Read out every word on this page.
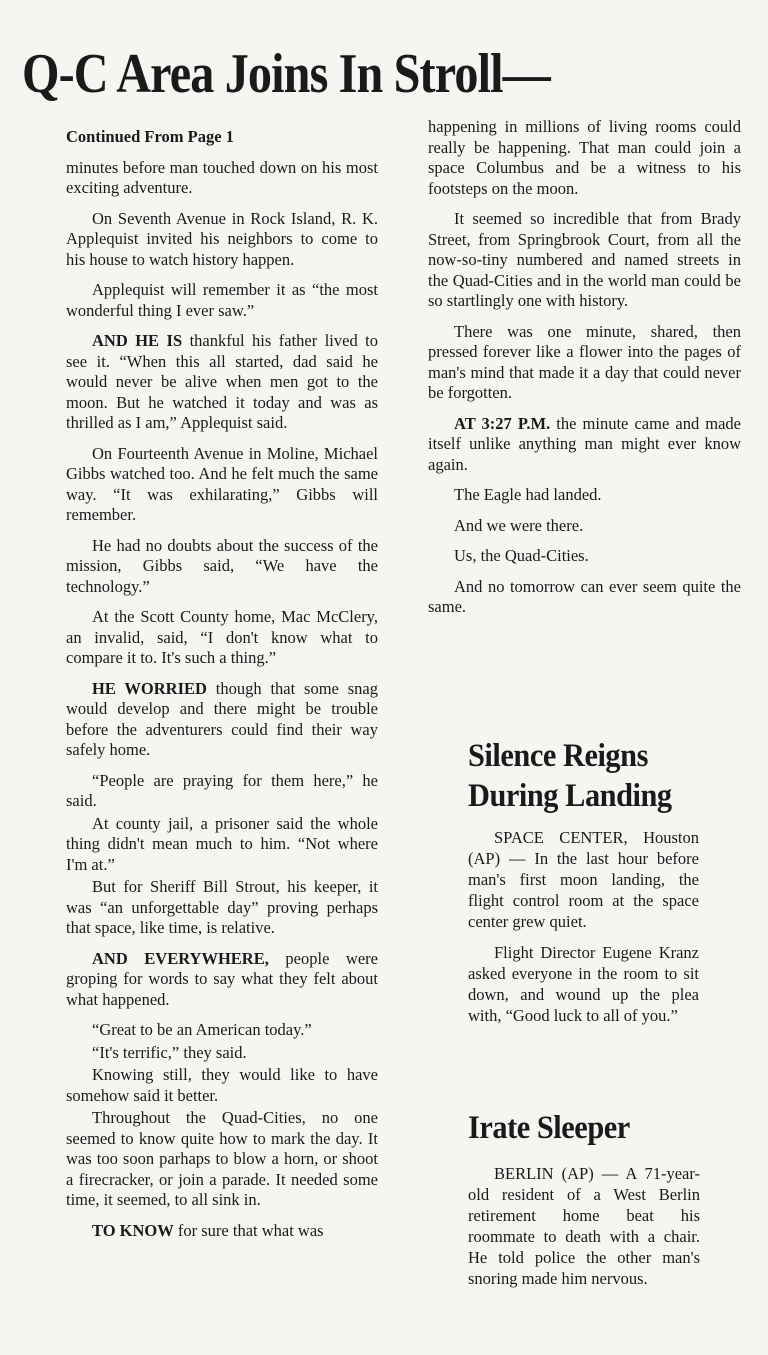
Q-C Area Joins In Stroll—

Continued From Page 1

minutes before man touched down on his most exciting adventure.

On Seventh Avenue in Rock Island, R. K. Applequist invited his neighbors to come to his house to watch history happen.

Applequist will remember it as “the most wonderful thing I ever saw.”

AND HE IS thankful his father lived to see it. “When this all started, dad said he would never be alive when men got to the moon. But he watched it today and was as thrilled as I am,” Applequist said.

On Fourteenth Avenue in Moline, Michael Gibbs watched too. And he felt much the same way. “It was exhilarating,” Gibbs will remember.

He had no doubts about the success of the mission, Gibbs said, “We have the technology.”

At the Scott County home, Mac McClery, an invalid, said, “I don't know what to compare it to. It's such a thing.”

HE WORRIED though that some snag would develop and there might be trouble before the adventurers could find their way safely home.

“People are praying for them here,” he said.

At county jail, a prisoner said the whole thing didn't mean much to him. “Not where I'm at.”

But for Sheriff Bill Strout, his keeper, it was “an unforgettable day” proving perhaps that space, like time, is relative.

AND EVERYWHERE, people were groping for words to say what they felt about what happened.

“Great to be an American today.”

“It's terrific,” they said.

Knowing still, they would like to have somehow said it better.

Throughout the Quad-Cities, no one seemed to know quite how to mark the day. It was too soon parhaps to blow a horn, or shoot a firecracker, or join a parade. It needed some time, it seemed, to all sink in.

TO KNOW for sure that what was

happening in millions of living rooms could really be happening. That man could join a space Columbus and be a witness to his footsteps on the moon.

It seemed so incredible that from Brady Street, from Springbrook Court, from all the now-so-tiny numbered and named streets in the Quad-Cities and in the world man could be so startlingly one with history.

There was one minute, shared, then pressed forever like a flower into the pages of man's mind that made it a day that could never be forgotten.

AT 3:27 P.M. the minute came and made itself unlike anything man might ever know again.

The Eagle had landed.

And we were there.

Us, the Quad-Cities.

And no tomorrow can ever seem quite the same.

Silence Reigns
During Landing

SPACE CENTER, Houston (AP) — In the last hour before man's first moon landing, the flight control room at the space center grew quiet.

Flight Director Eugene Kranz asked everyone in the room to sit down, and wound up the plea with, “Good luck to all of you.”

Irate Sleeper

BERLIN (AP) — A 71-year-old resident of a West Berlin retirement home beat his roommate to death with a chair. He told police the other man's snoring made him nervous.
